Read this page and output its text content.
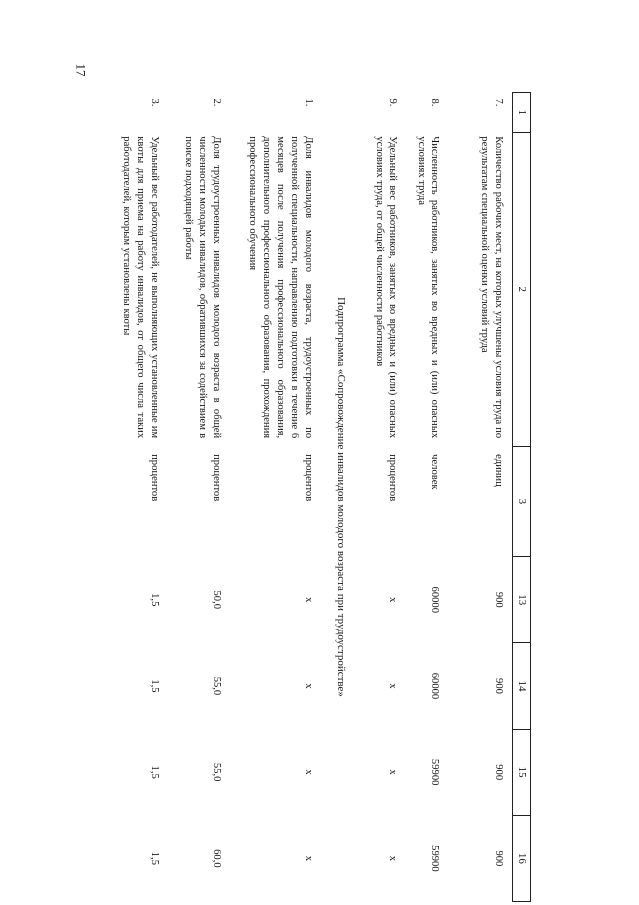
17
1	2	3	13	14	15	16
7.	Количество рабочих мест, на которых улучшены условия труда по результатам специальной оценки условий труда	единиц	900	900	900	900
8.	Численность работников, занятых во вредных и (или) опасных условиях труда	человек	60000	60000	59900	59900
9.	Удельный вес работников, занятых во вредных и (или) опасных условиях труда, от общей численности работников	процентов	x	x	x	x
Подпрограмма «Сопровождение инвалидов молодого возраста при трудоустройстве»						
1.	Доля инвалидов молодого возраста, трудоустроенных по полученной специальности, направлению подготовки в течение 6 месяцев после получения профессионального образования, дополнительного профессионального образования, прохождения профессионального обучения	процентов	x	x	x	x
2.	Доля трудоустроенных инвалидов молодого возраста в общей численности молодых инвалидов, обратившихся за содействием в поиске подходящей работы	процентов	50,0	55,0	55,0	60,0
3.	Удельный вес работодателей, не выполняющих установленные им квоты для приема на работу инвалидов, от общего числа таких работодателей, которым установлены квоты	процентов	1,5	1,5	1,5	1,5
